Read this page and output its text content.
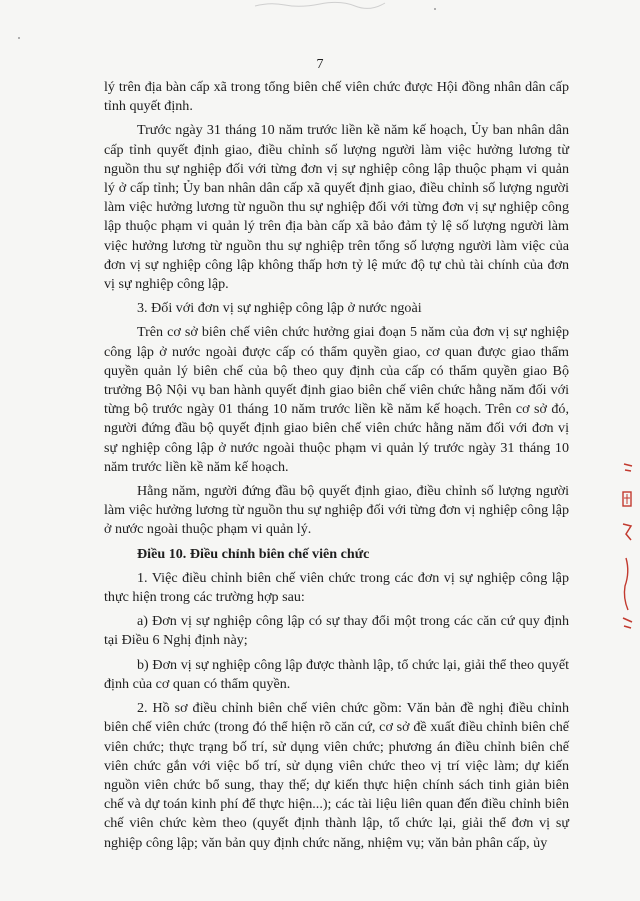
7

lý trên địa bàn cấp xã trong tổng biên chế viên chức được Hội đồng nhân dân cấp tỉnh quyết định.

Trước ngày 31 tháng 10 năm trước liền kề năm kế hoạch, Ủy ban nhân dân cấp tỉnh quyết định giao, điều chỉnh số lượng người làm việc hưởng lương từ nguồn thu sự nghiệp đối với từng đơn vị sự nghiệp công lập thuộc phạm vi quản lý ở cấp tỉnh; Ủy ban nhân dân cấp xã quyết định giao, điều chỉnh số lượng người làm việc hưởng lương từ nguồn thu sự nghiệp đối với từng đơn vị sự nghiệp công lập thuộc phạm vi quản lý trên địa bàn cấp xã bảo đảm tỷ lệ số lượng người làm việc hưởng lương từ nguồn thu sự nghiệp trên tổng số lượng người làm việc của đơn vị sự nghiệp công lập không thấp hơn tỷ lệ mức độ tự chủ tài chính của đơn vị sự nghiệp công lập.

3. Đối với đơn vị sự nghiệp công lập ở nước ngoài

Trên cơ sở biên chế viên chức hưởng giai đoạn 5 năm của đơn vị sự nghiệp công lập ở nước ngoài được cấp có thẩm quyền giao, cơ quan được giao thẩm quyền quản lý biên chế của bộ theo quy định của cấp có thẩm quyền giao Bộ trưởng Bộ Nội vụ ban hành quyết định giao biên chế viên chức hằng năm đối với từng bộ trước ngày 01 tháng 10 năm trước liền kề năm kế hoạch. Trên cơ sở đó, người đứng đầu bộ quyết định giao biên chế viên chức hằng năm đối với đơn vị sự nghiệp công lập ở nước ngoài thuộc phạm vi quản lý trước ngày 31 tháng 10 năm trước liền kề năm kế hoạch.

Hằng năm, người đứng đầu bộ quyết định giao, điều chỉnh số lượng người làm việc hưởng lương từ nguồn thu sự nghiệp đối với từng đơn vị nghiệp công lập ở nước ngoài thuộc phạm vi quản lý.

Điều 10. Điều chỉnh biên chế viên chức

1. Việc điều chỉnh biên chế viên chức trong các đơn vị sự nghiệp công lập thực hiện trong các trường hợp sau:

a) Đơn vị sự nghiệp công lập có sự thay đổi một trong các căn cứ quy định tại Điều 6 Nghị định này;

b) Đơn vị sự nghiệp công lập được thành lập, tổ chức lại, giải thể theo quyết định của cơ quan có thẩm quyền.

2. Hồ sơ điều chỉnh biên chế viên chức gồm: Văn bản đề nghị điều chỉnh biên chế viên chức (trong đó thể hiện rõ căn cứ, cơ sở đề xuất điều chỉnh biên chế viên chức; thực trạng bố trí, sử dụng viên chức; phương án điều chỉnh biên chế viên chức gắn với việc bố trí, sử dụng viên chức theo vị trí việc làm; dự kiến nguồn viên chức bổ sung, thay thế; dự kiến thực hiện chính sách tinh giản biên chế và dự toán kinh phí để thực hiện...); các tài liệu liên quan đến điều chỉnh biên chế viên chức kèm theo (quyết định thành lập, tổ chức lại, giải thể đơn vị sự nghiệp công lập; văn bản quy định chức năng, nhiệm vụ; văn bản phân cấp, ủy
